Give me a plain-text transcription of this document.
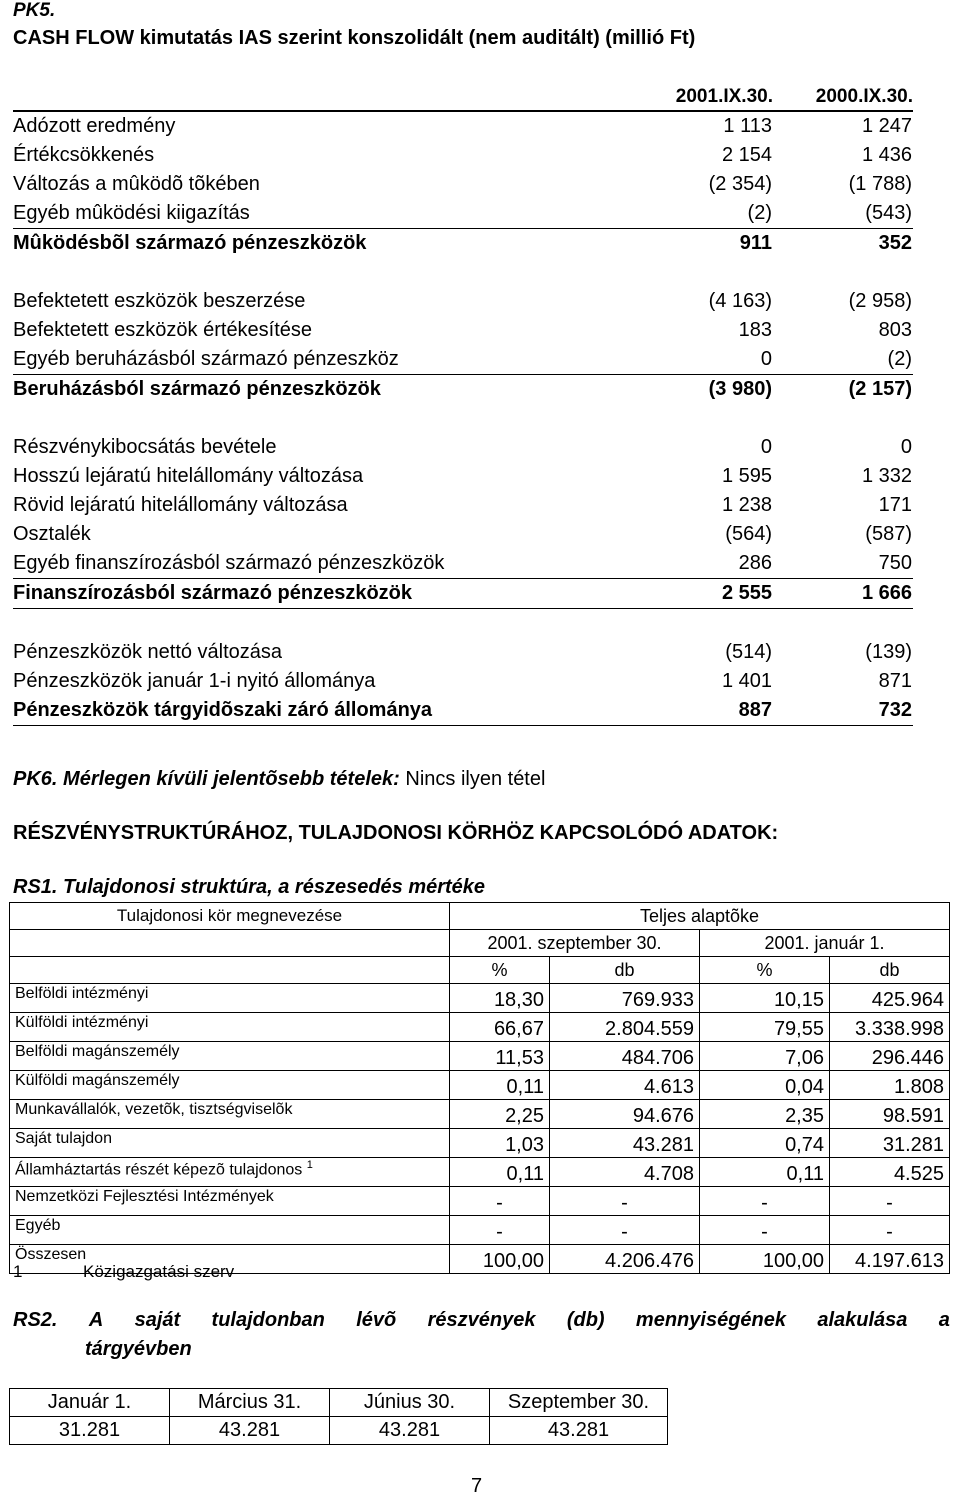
PK5.
CASH FLOW kimutatás IAS szerint konszolidált (nem auditált) (millió Ft)
2001.IX.30. 2000.IX.30.
Adózott eredmény	1 113	1 247
Értékcsökkenés	2 154	1 436
Változás a mûködõ tõkében	(2 354)	(1 788)
Egyéb mûködési kiigazítás	(2)	(543)
Mûködésbõl származó pénzeszközök	911	352
Befektetett eszközök beszerzése	(4 163)	(2 958)
Befektetett eszközök értékesítése	183	803
Egyéb beruházásból származó pénzeszköz	0	(2)
Beruházásból származó pénzeszközök	(3 980)	(2 157)
Részvénykibocsátás bevétele	0	0
Hosszú lejáratú hitelállomány változása	1 595	1 332
Rövid lejáratú hitelállomány változása	1 238	171
Osztalék	(564)	(587)
Egyéb finanszírozásból származó pénzeszközök	286	750
Finanszírozásból származó pénzeszközök	2 555	1 666
Pénzeszközök nettó változása	(514)	(139)
Pénzeszközök január 1-i nyitó állománya	1 401	871
Pénzeszközök tárgyidõszaki záró állománya	887	732
PK6. Mérlegen kívüli jelentõsebb tételek: Nincs ilyen tétel
RÉSZVÉNYSTRUKTÚRÁHOZ, TULAJDONOSI KÖRHÖZ KAPCSOLÓDÓ ADATOK:
RS1. Tulajdonosi struktúra, a részesedés mértéke
Tulajdonosi kör megnevezése	Teljes alaptõke			
	2001. szeptember 30.		2001. január 1.	
	%	db	%	db
Belföldi intézményi	18,30	769.933	10,15	425.964
Külföldi intézményi	66,67	2.804.559	79,55	3.338.998
Belföldi magánszemély	11,53	484.706	7,06	296.446
Külföldi magánszemély	0,11	4.613	0,04	1.808
Munkavállalók, vezetõk, tisztségviselõk	2,25	94.676	2,35	98.591
Saját tulajdon	1,03	43.281	0,74	31.281
Államháztartás részét képezõ tulajdonos $^1$	0,11	4.708	0,11	4.525
Nemzetközi Fejlesztési Intézmények	-	-	-	-
Egyéb	-	-	-	-
Összesen	100,00	4.206.476	100,00	4.197.613
1	Közigazgatási szerv
RS2. A saját tulajdonban lévõ részvények (db) mennyiségének alakulása a
tárgyévben
Január 1.	Március 31.	Június 30.	Szeptember 30.
31.281	43.281	43.281	43.281
7
